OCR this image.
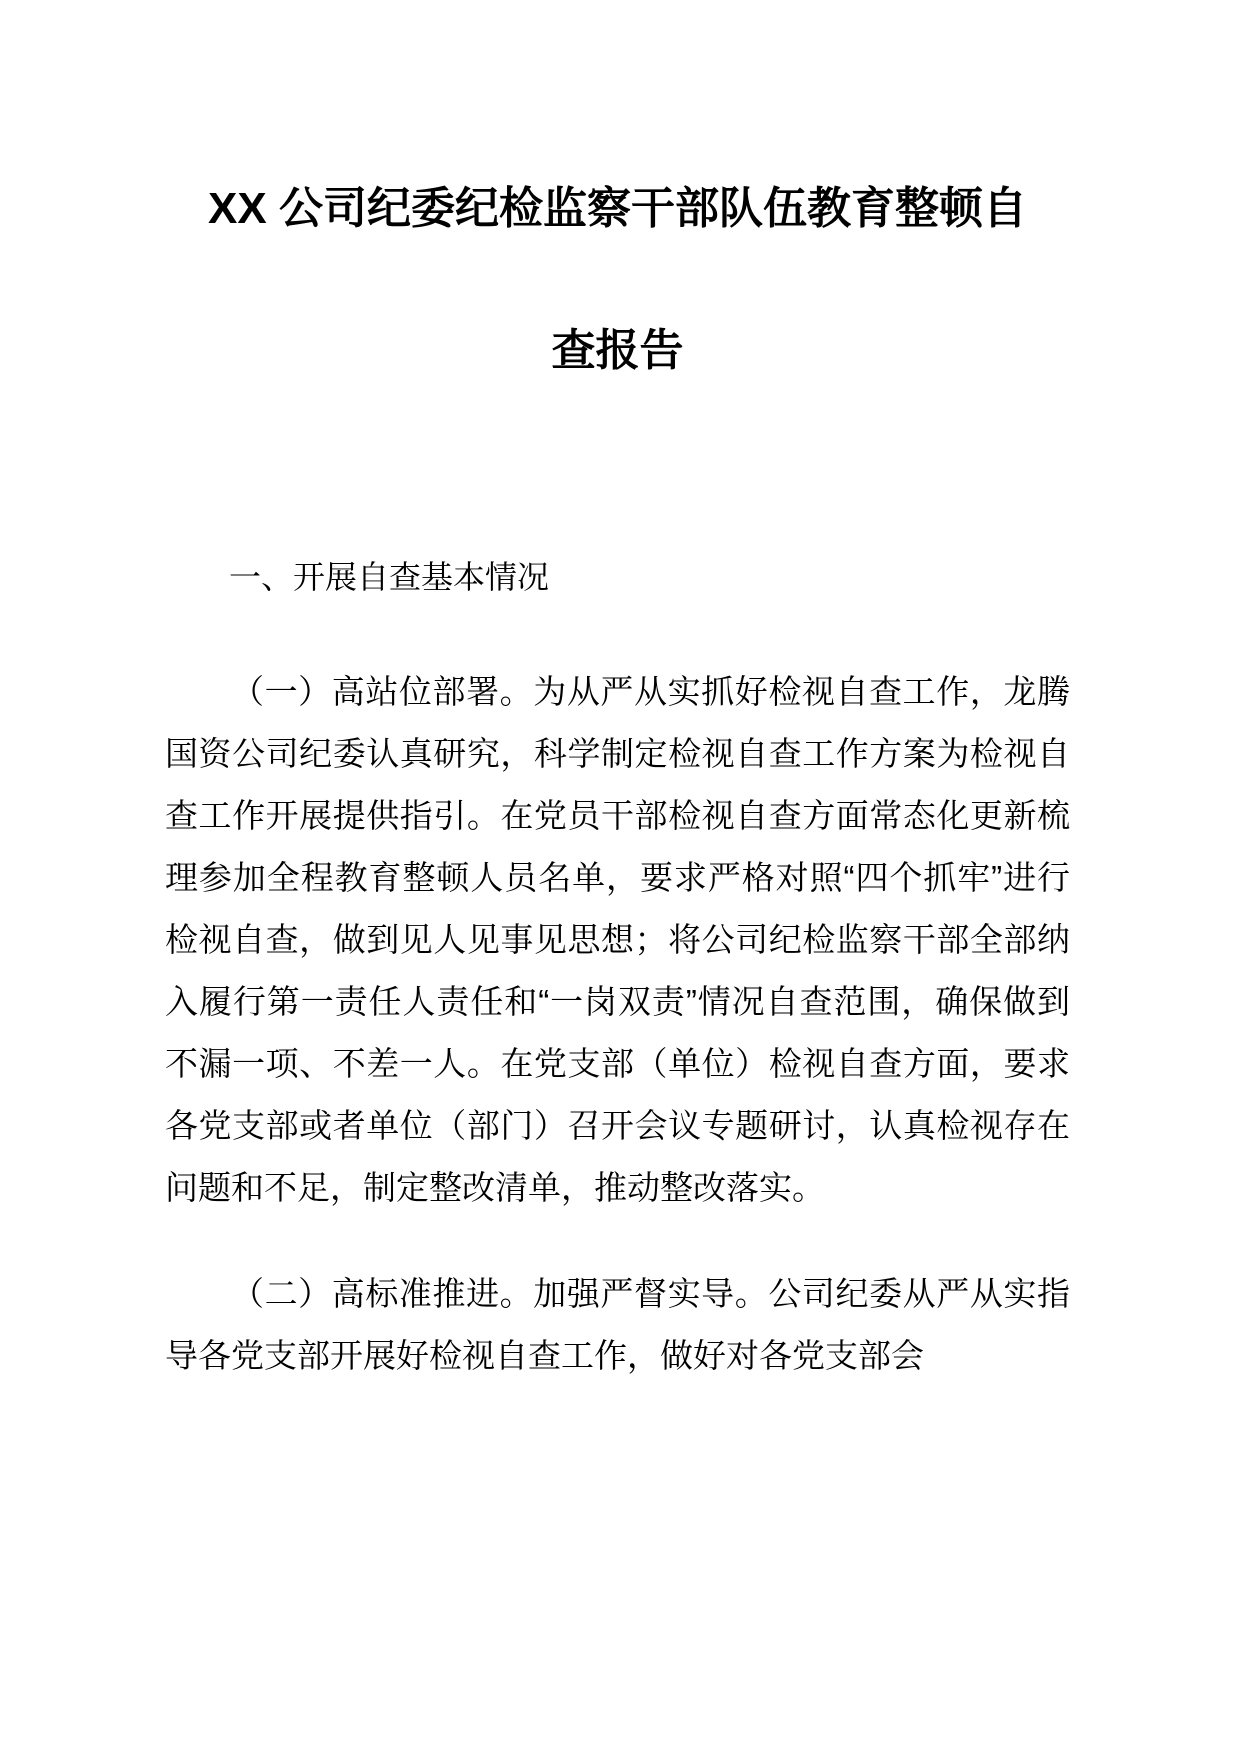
XX 公司纪委纪检监察干部队伍教育整顿自
查报告
一、开展自查基本情况

（一）高站位部署。为从严从实抓好检视自查工作，龙腾国资公司纪委认真研究，科学制定检视自查工作方案为检视自查工作开展提供指引。在党员干部检视自查方面常态化更新梳理参加全程教育整顿人员名单，要求严格对照“四个抓牢”进行检视自查，做到见人见事见思想；将公司纪检监察干部全部纳入履行第一责任人责任和“一岗双责”情况自查范围，确保做到不漏一项、不差一人。在党支部（单位）检视自查方面，要求各党支部或者单位（部门）召开会议专题研讨，认真检视存在问题和不足，制定整改清单，推动整改落实。

（二）高标准推进。加强严督实导。公司纪委从严从实指导各党支部开展好检视自查工作，做好对各党支部会
